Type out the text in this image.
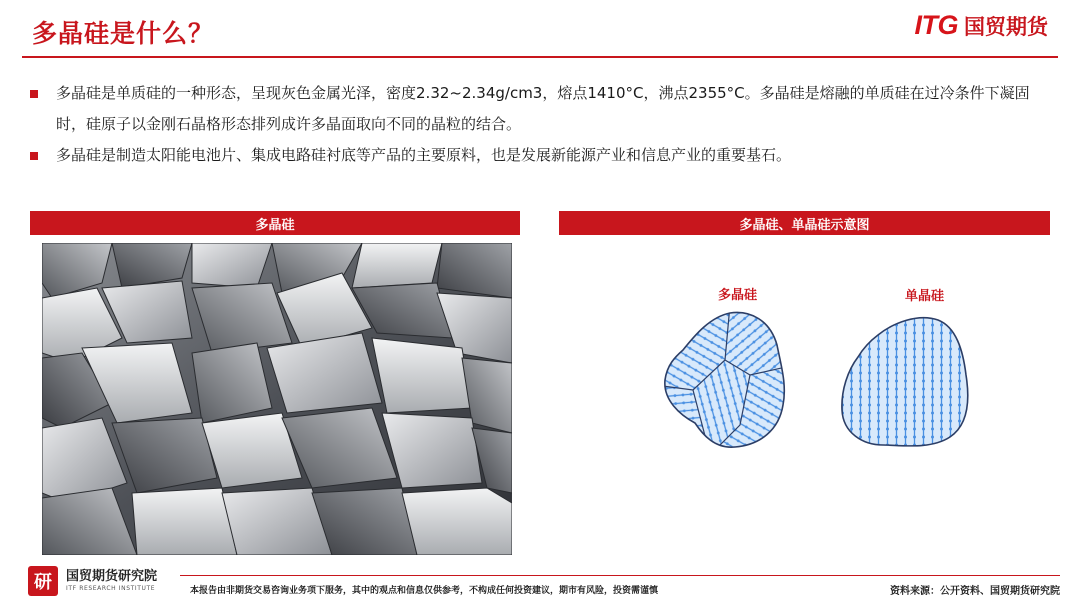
多晶硅是什么？	ITG 国贸期货
多晶硅是单质硅的一种形态，呈现灰色金属光泽，密度2.32~2.34g/cm3，熔点1410°C，沸点2355°C。多晶硅是熔融的单质硅在过冷条件下凝固时，硅原子以金刚石晶格形态排列成许多晶面取向不同的晶粒的结合。
多晶硅是制造太阳能电池片、集成电路硅衬底等产品的主要原料，也是发展新能源产业和信息产业的重要基石。
多晶硅	多晶硅、单晶硅示意图
多晶硅	单晶硅
研	国贸期货研究院
ITF RESEARCH INSTITUTE	本报告由非期货交易咨询业务项下服务，其中的观点和信息仅供参考，不构成任何投资建议，期市有风险，投资需谨慎	资料来源：公开资料、国贸期货研究院
